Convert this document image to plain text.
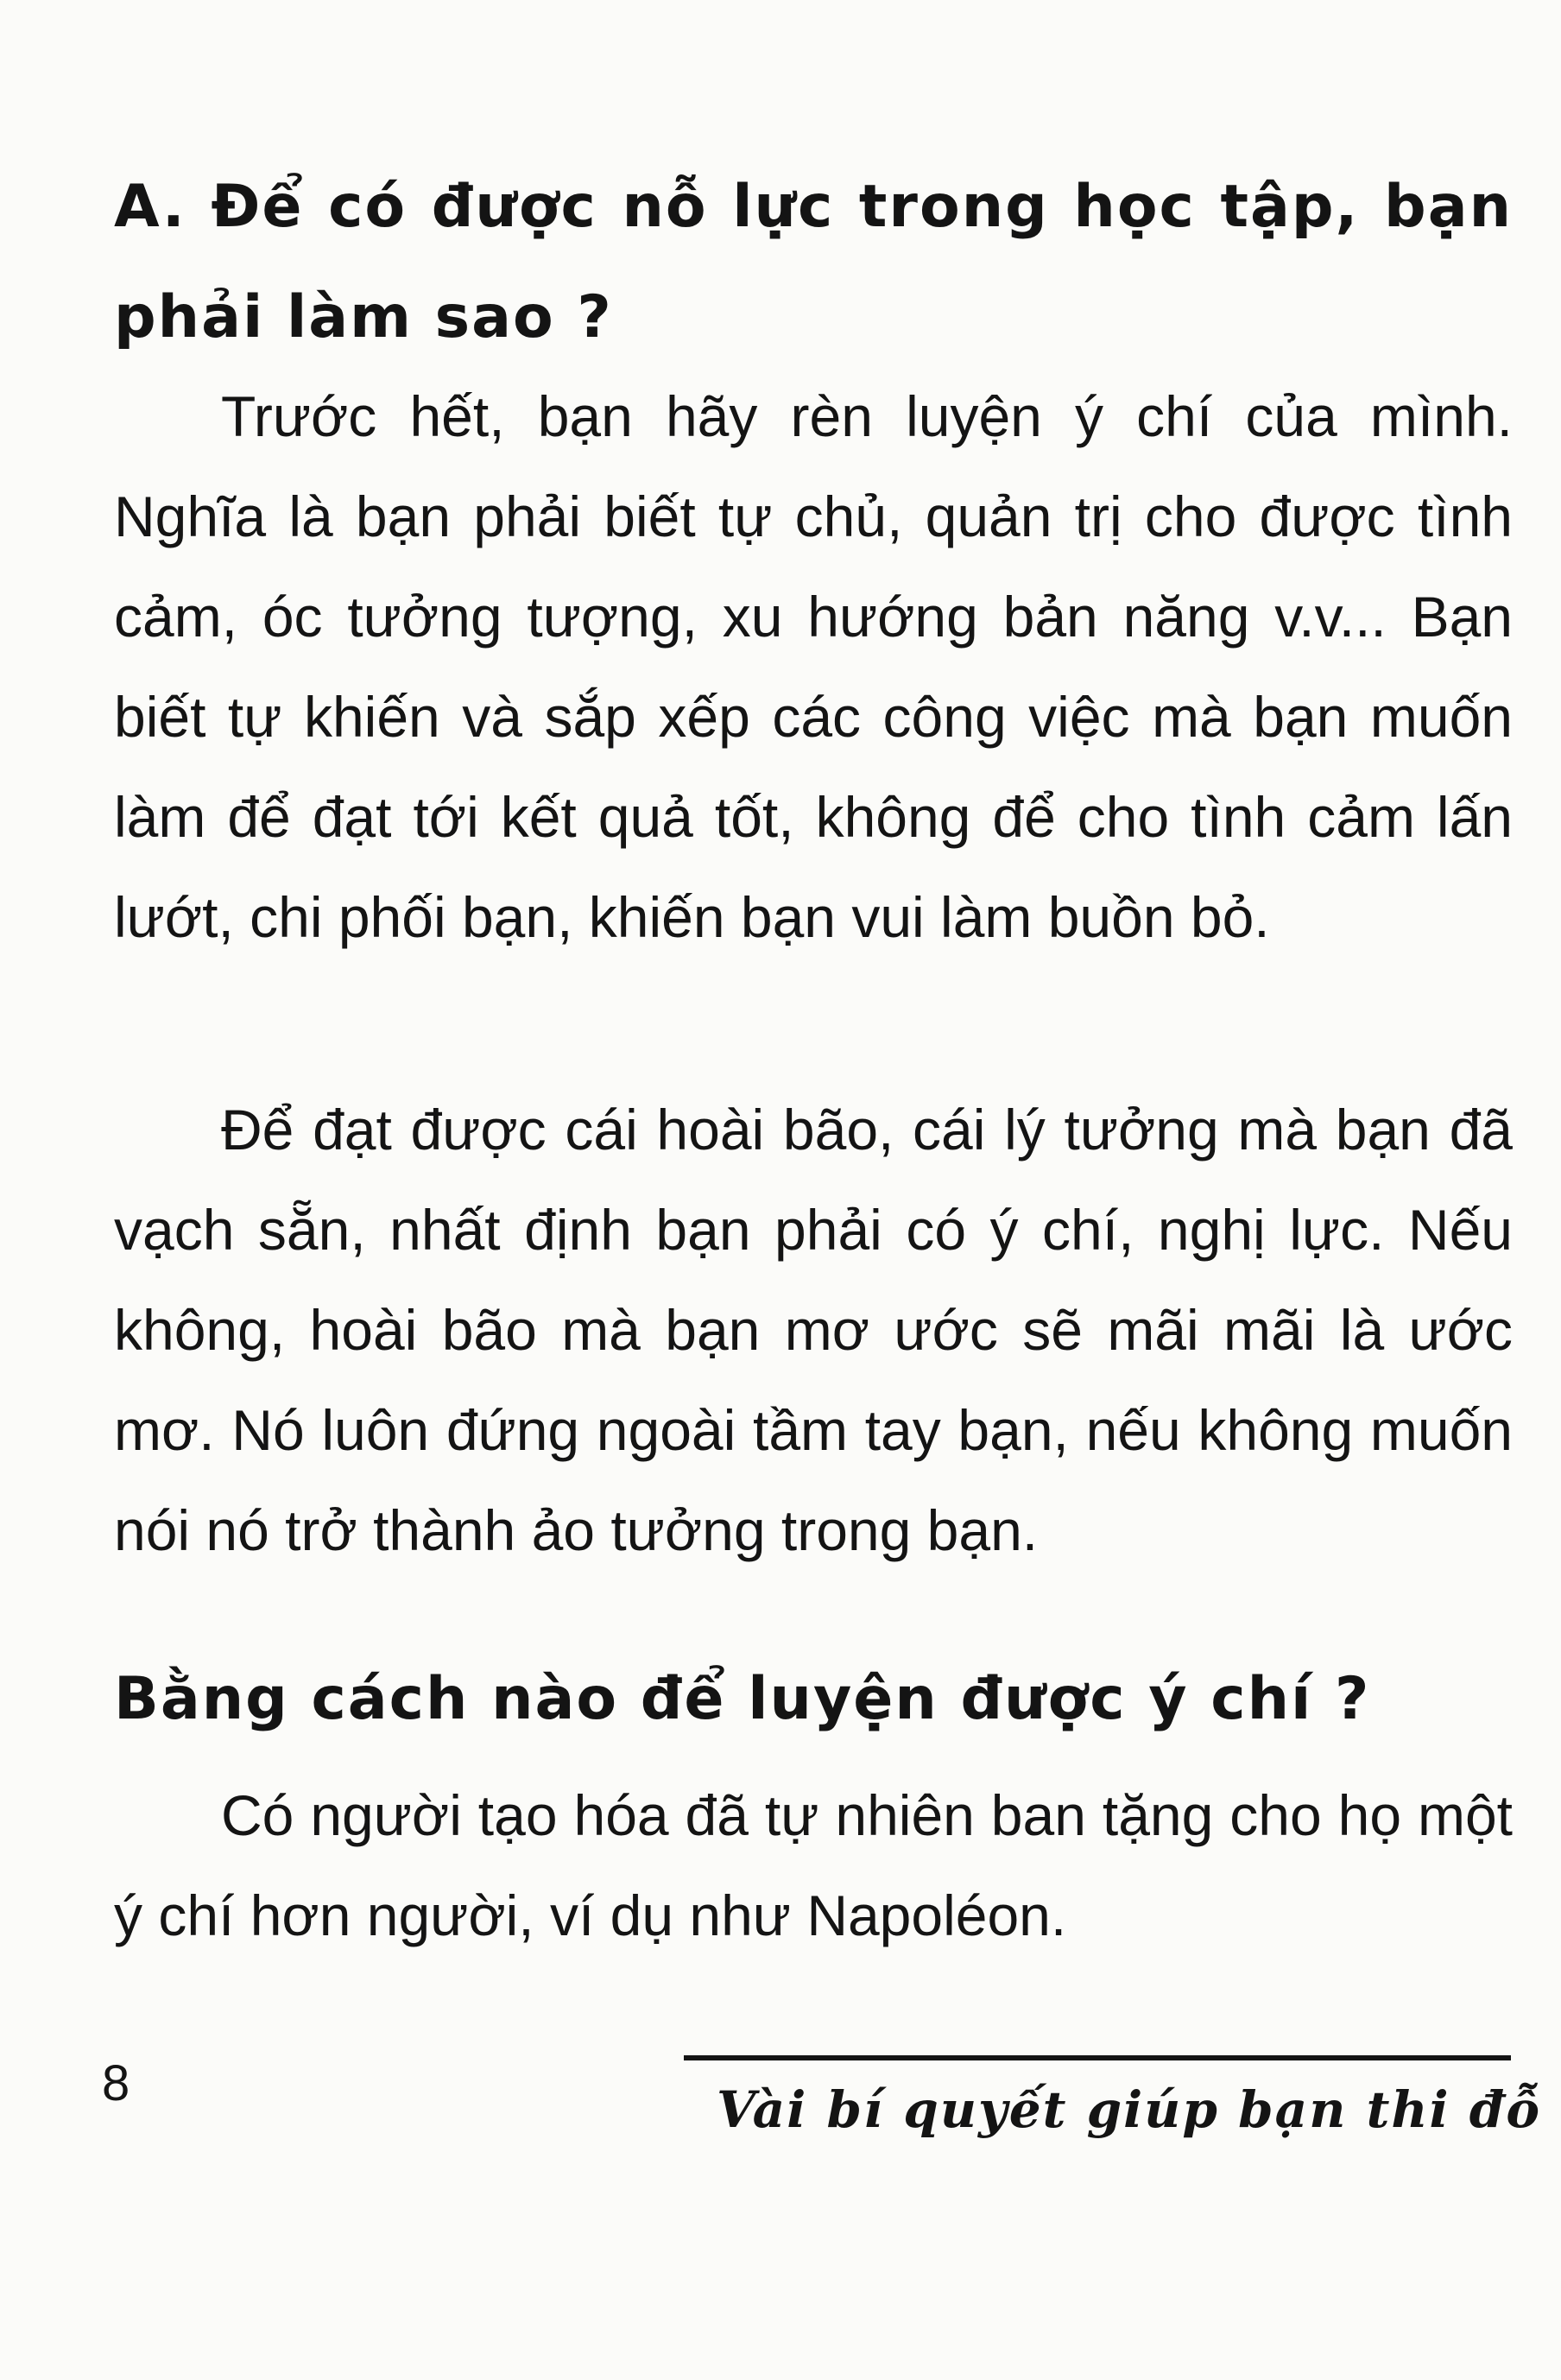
A. Để có được nỗ lực trong học tập, bạn phải làm sao ?

Trước hết, bạn hãy rèn luyện ý chí của mình. Nghĩa là bạn phải biết tự chủ, quản trị cho được tình cảm, óc tưởng tượng, xu hướng bản năng v.v... Bạn biết tự khiến và sắp xếp các công việc mà bạn muốn làm để đạt tới kết quả tốt, không để cho tình cảm lấn lướt, chi phối bạn, khiến bạn vui làm buồn bỏ.

Để đạt được cái hoài bão, cái lý tưởng mà bạn đã vạch sẵn, nhất định bạn phải có ý chí, nghị lực. Nếu không, hoài bão mà bạn mơ ước sẽ mãi mãi là ước mơ. Nó luôn đứng ngoài tầm tay bạn, nếu không muốn nói nó trở thành ảo tưởng trong bạn.

Bằng cách nào để luyện được ý chí ?

Có người tạo hóa đã tự nhiên ban tặng cho họ một ý chí hơn người, ví dụ như Napoléon.

8	Vài bí quyết giúp bạn thi đỗ
